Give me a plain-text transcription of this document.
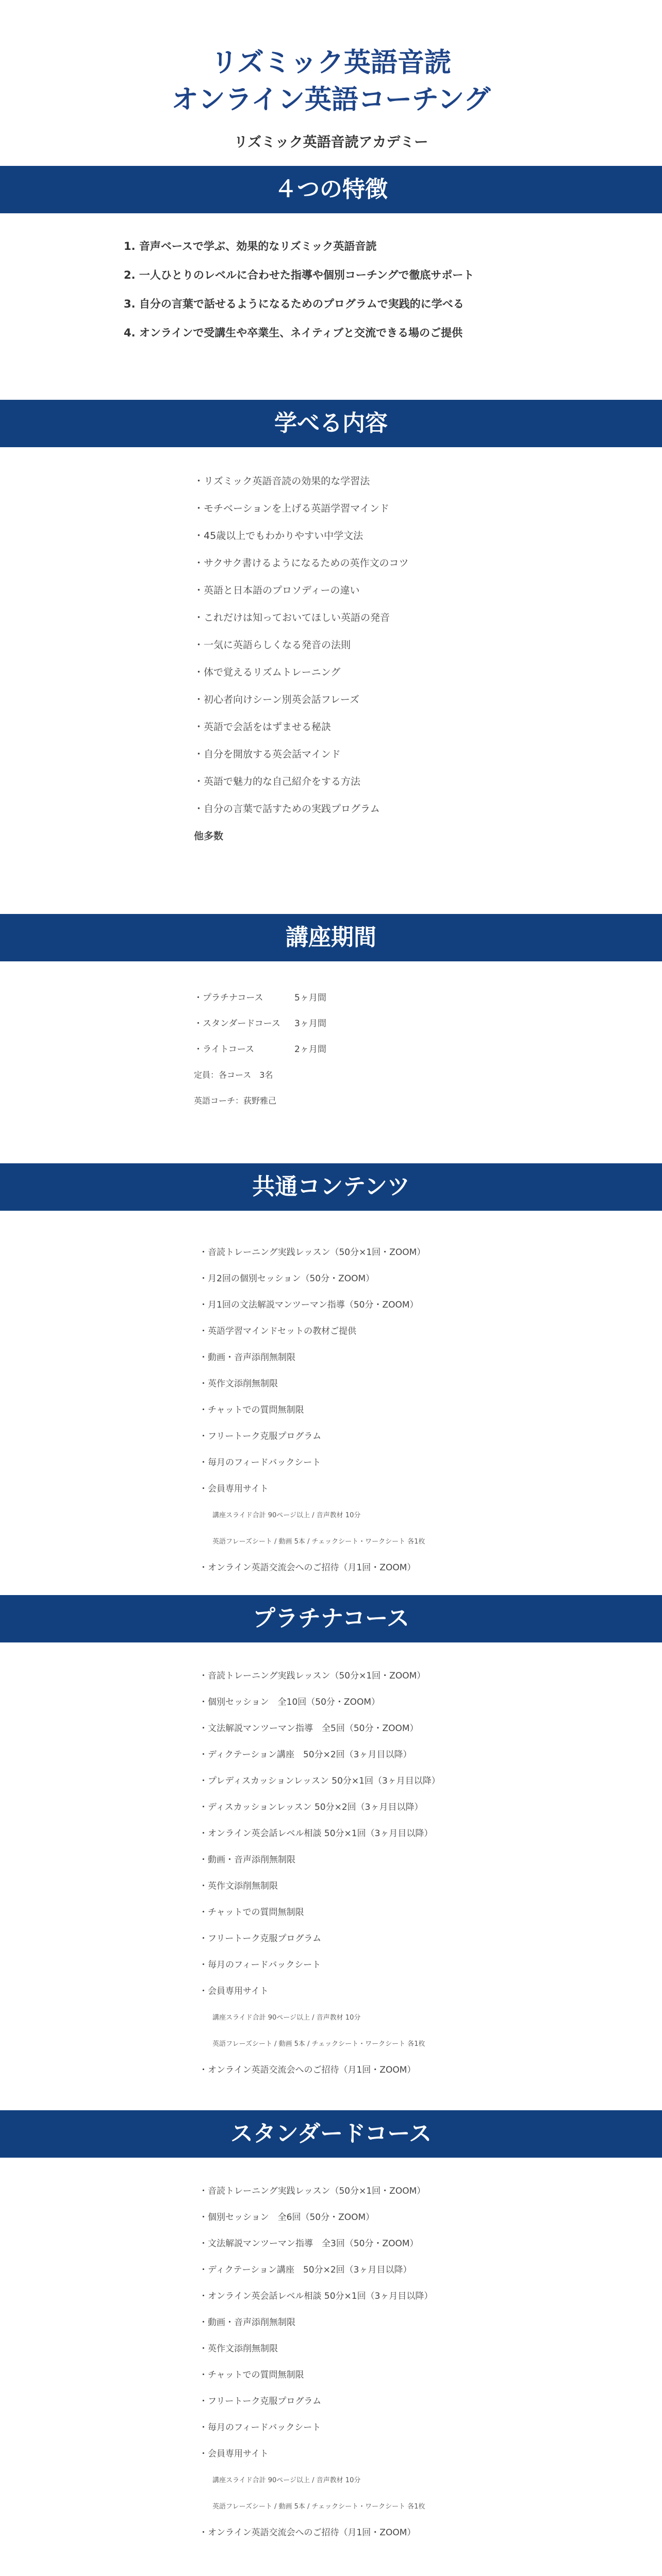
リズミック英語音読
オンライン英語コーチング
リズミック英語音読アカデミー
４つの特徴
1. 音声ベースで学ぶ、効果的なリズミック英語音読
2. 一人ひとりのレベルに合わせた指導や個別コーチングで徹底サポート
3. 自分の言葉で話せるようになるためのプログラムで実践的に学べる
4. オンラインで受講生や卒業生、ネイティブと交流できる場のご提供
学べる内容
・リズミック英語音読の効果的な学習法
・モチベーションを上げる英語学習マインド
・45歳以上でもわかりやすい中学文法
・サクサク書けるようになるための英作文のコツ
・英語と日本語のプロソディーの違い
・これだけは知っておいてほしい英語の発音
・一気に英語らしくなる発音の法則
・体で覚えるリズムトレーニング
・初心者向けシーン別英会話フレーズ
・英語で会話をはずませる秘訣
・自分を開放する英会話マインド
・英語で魅力的な自己紹介をする方法
・自分の言葉で話すための実践プログラム
他多数
講座期間
・プラチナコース	5ヶ月間
・スタンダードコース 3ヶ月間
・ライトコース	2ヶ月間
定員：各コース　3名
英語コーチ：荻野雅己
共通コンテンツ
・音読トレーニング実践レッスン（50分×1回・ZOOM）
・月2回の個別セッション（50分・ZOOM）
・月1回の文法解説マンツーマン指導（50分・ZOOM）
・英語学習マインドセットの教材ご提供
・動画・音声添削無制限
・英作文添削無制限
・チャットでの質問無制限
・フリートーク克服プログラム
・毎月のフィードバックシート
・会員専用サイト
講座スライド合計 90ページ以上 / 音声教材 10分
英語フレーズシート / 動画 5本 / チェックシート・ワークシート 各1枚
・オンライン英語交流会へのご招待（月1回・ZOOM）
プラチナコース
・音読トレーニング実践レッスン（50分×1回・ZOOM）
・個別セッション　全10回（50分・ZOOM）
・文法解説マンツーマン指導　全5回（50分・ZOOM）
・ディクテーション講座　50分×2回（3ヶ月目以降）
・プレディスカッションレッスン 50分×1回（3ヶ月目以降）
・ディスカッションレッスン 50分×2回（3ヶ月目以降）
・オンライン英会話レベル相談 50分×1回（3ヶ月目以降）
・動画・音声添削無制限
・英作文添削無制限
・チャットでの質問無制限
・フリートーク克服プログラム
・毎月のフィードバックシート
・会員専用サイト
講座スライド合計 90ページ以上 / 音声教材 10分
英語フレーズシート / 動画 5本 / チェックシート・ワークシート 各1枚
・オンライン英語交流会へのご招待（月1回・ZOOM）
スタンダードコース
・音読トレーニング実践レッスン（50分×1回・ZOOM）
・個別セッション　全6回（50分・ZOOM）
・文法解説マンツーマン指導　全3回（50分・ZOOM）
・ディクテーション講座　50分×2回（3ヶ月目以降）
・オンライン英会話レベル相談 50分×1回（3ヶ月目以降）
・動画・音声添削無制限
・英作文添削無制限
・チャットでの質問無制限
・フリートーク克服プログラム
・毎月のフィードバックシート
・会員専用サイト
講座スライド合計 90ページ以上 / 音声教材 10分
英語フレーズシート / 動画 5本 / チェックシート・ワークシート 各1枚
・オンライン英語交流会へのご招待（月1回・ZOOM）
